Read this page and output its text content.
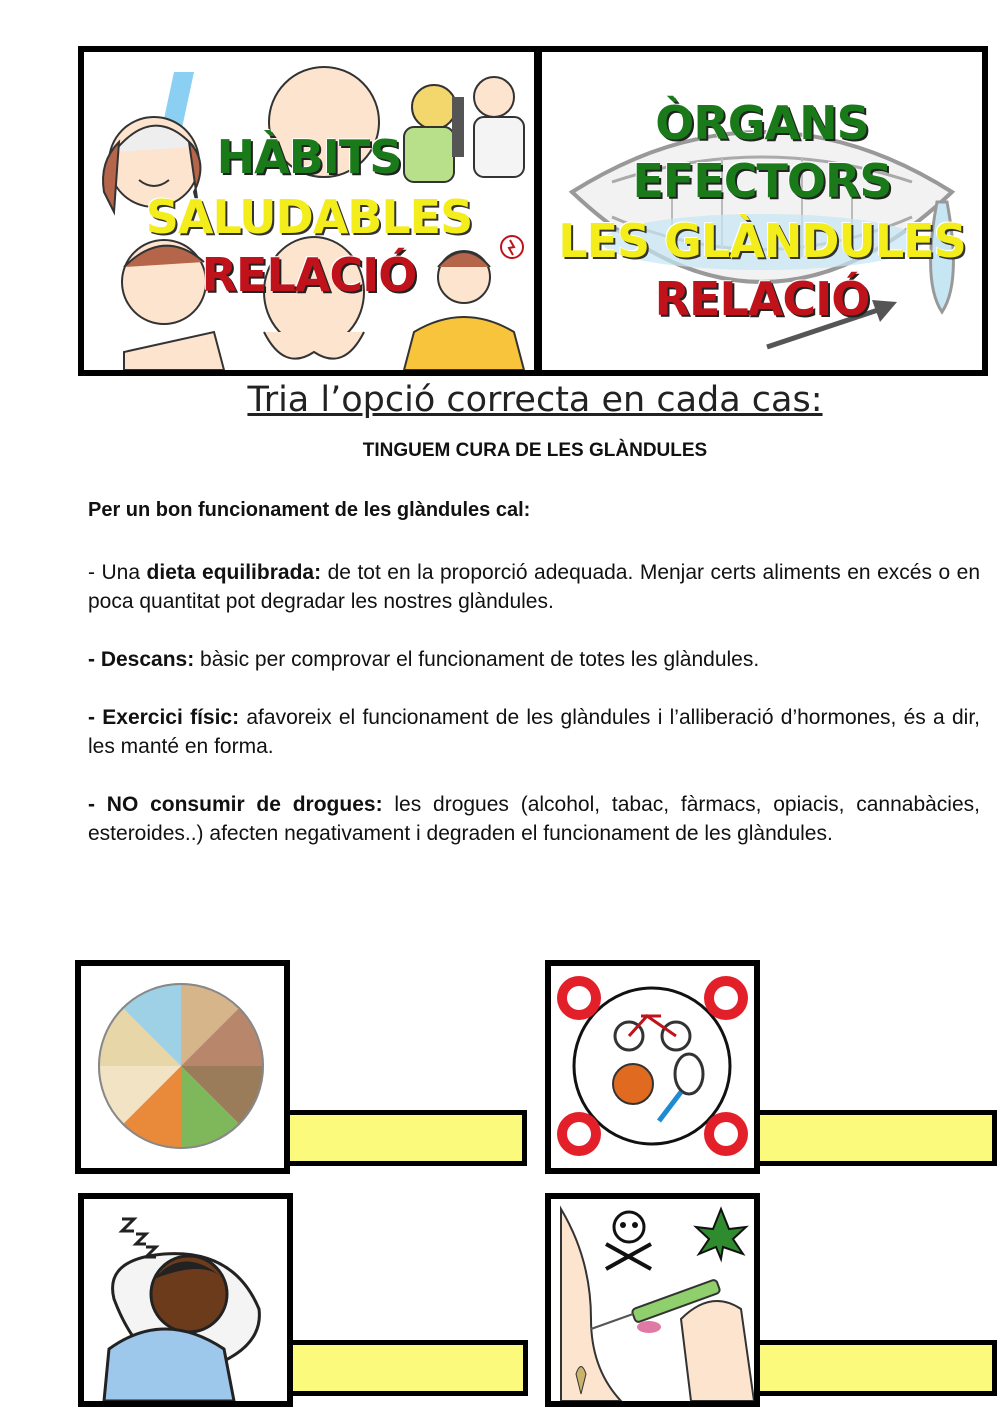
HÀBITS
SALUDABLES
RELACIÓ
ÒRGANS
EFECTORS
LES GLÀNDULES
RELACIÓ
Tria l’opció correcta en cada cas:
TINGUEM CURA DE LES GLÀNDULES
Per un bon funcionament de les glàndules cal:
- Una dieta equilibrada: de tot en la proporció adequada. Menjar certs aliments en excés o en poca quantitat pot degradar les nostres glàndules.
- Descans: bàsic per comprovar el funcionament de totes les glàndules.
- Exercici físic: afavoreix el funcionament de les glàndules i l’alliberació d’hormones, és a dir, les manté en forma.
- NO consumir de drogues: les drogues (alcohol, tabac, fàrmacs, opiacis, cannabàcies, esteroides..) afecten negativament i degraden el funcionament de les glàndules.
